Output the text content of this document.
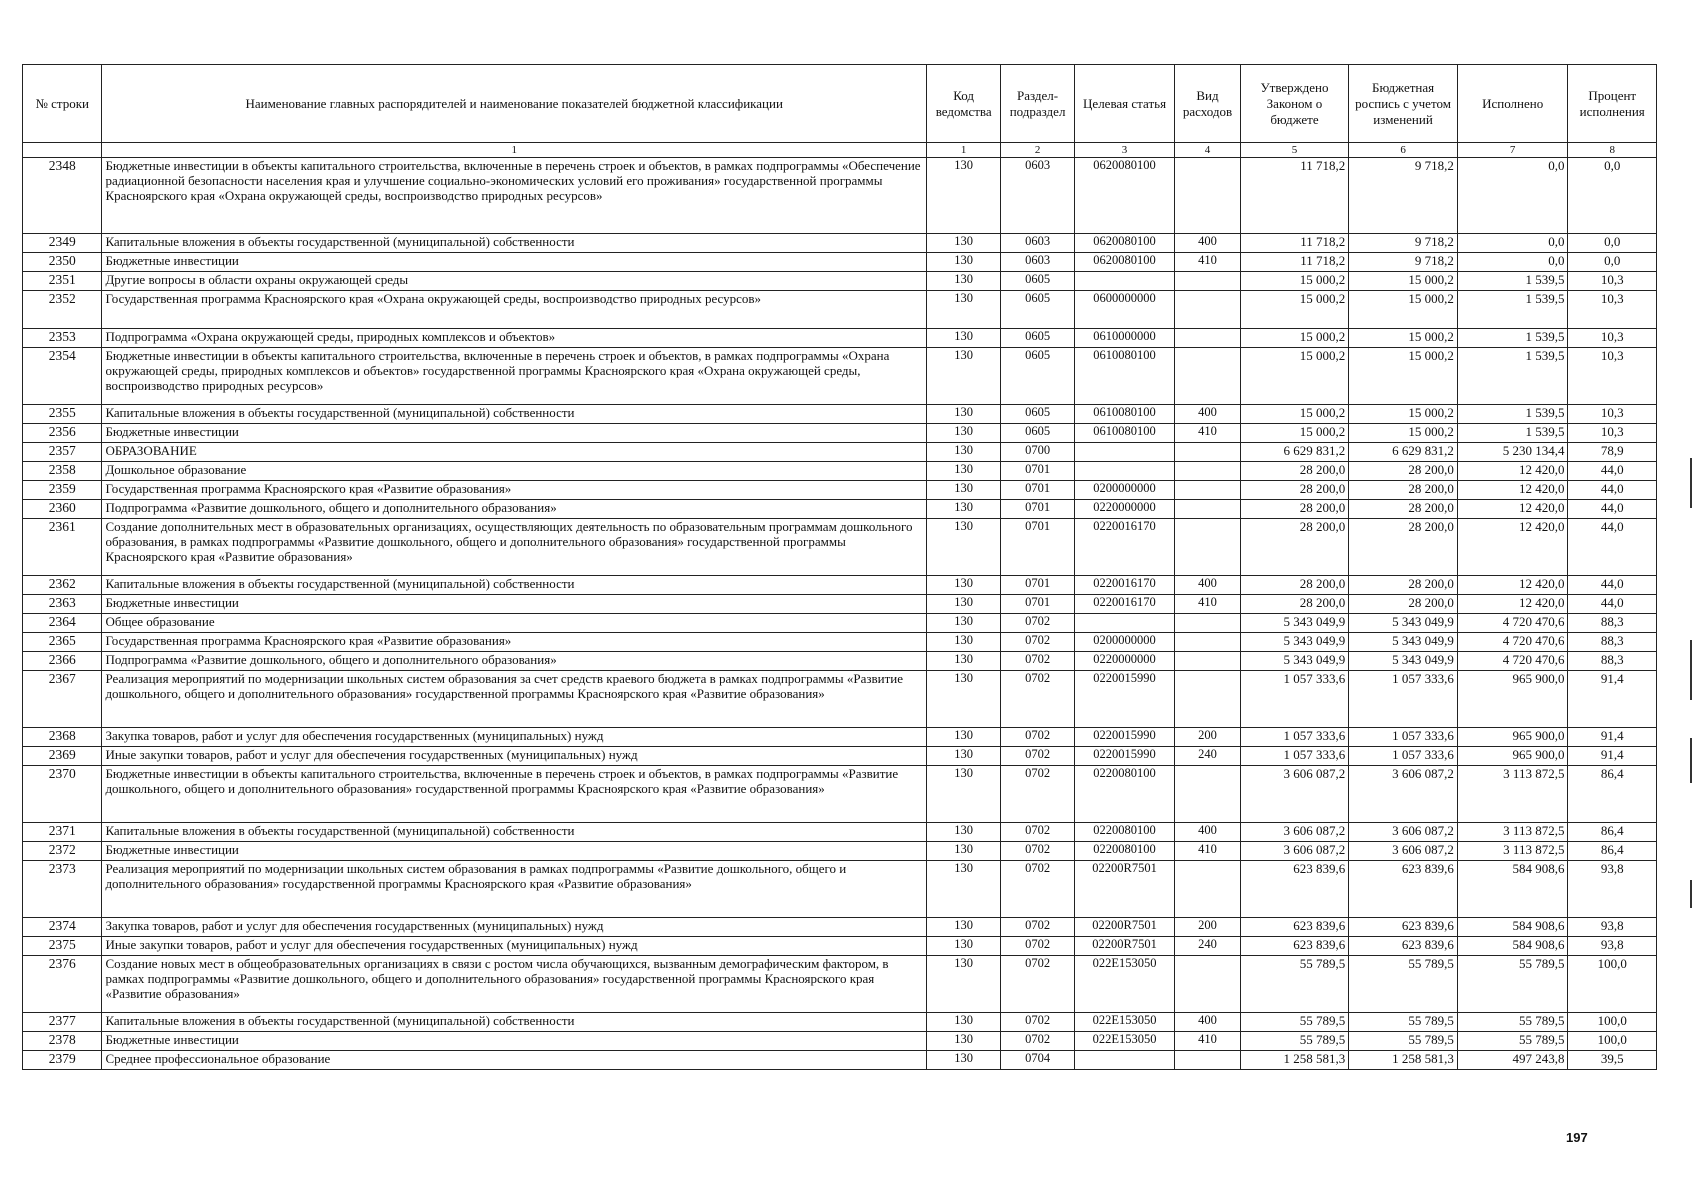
№ строки	Наименование главных распорядителей и наименование показателей бюджетной классификации	Код ведомства	Раздел-подраздел	Целевая статья	Вид расходов	Утверждено Законом о бюджете	Бюджетная роспись с учетом изменений	Исполнено	Процент исполнения
	1	1	2	3	4	5	6	7	8
2348	Бюджетные инвестиции в объекты капитального строительства, включенные в перечень строек и объектов, в рамках подпрограммы «Обеспечение радиационной безопасности населения края и улучшение социально-экономических условий его проживания» государственной программы Красноярского края «Охрана окружающей среды, воспроизводство природных ресурсов»	130	0603	0620080100		11 718,2	9 718,2	0,0	0,0
2349	Капитальные вложения в объекты государственной (муниципальной) собственности	130	0603	0620080100	400	11 718,2	9 718,2	0,0	0,0
2350	Бюджетные инвестиции	130	0603	0620080100	410	11 718,2	9 718,2	0,0	0,0
2351	Другие вопросы в области охраны окружающей среды	130	0605			15 000,2	15 000,2	1 539,5	10,3
2352	Государственная программа Красноярского края «Охрана окружающей среды, воспроизводство природных ресурсов»	130	0605	0600000000		15 000,2	15 000,2	1 539,5	10,3
2353	Подпрограмма «Охрана окружающей среды, природных комплексов и объектов»	130	0605	0610000000		15 000,2	15 000,2	1 539,5	10,3
2354	Бюджетные инвестиции в объекты капитального строительства, включенные в перечень строек и объектов, в рамках подпрограммы «Охрана окружающей среды, природных комплексов и объектов» государственной программы Красноярского края «Охрана окружающей среды, воспроизводство природных ресурсов»	130	0605	0610080100		15 000,2	15 000,2	1 539,5	10,3
2355	Капитальные вложения в объекты государственной (муниципальной) собственности	130	0605	0610080100	400	15 000,2	15 000,2	1 539,5	10,3
2356	Бюджетные инвестиции	130	0605	0610080100	410	15 000,2	15 000,2	1 539,5	10,3
2357	ОБРАЗОВАНИЕ	130	0700			6 629 831,2	6 629 831,2	5 230 134,4	78,9
2358	Дошкольное образование	130	0701			28 200,0	28 200,0	12 420,0	44,0
2359	Государственная программа Красноярского края «Развитие образования»	130	0701	0200000000		28 200,0	28 200,0	12 420,0	44,0
2360	Подпрограмма «Развитие дошкольного, общего и дополнительного образования»	130	0701	0220000000		28 200,0	28 200,0	12 420,0	44,0
2361	Создание дополнительных мест в образовательных организациях, осуществляющих деятельность по образовательным программам дошкольного образования, в рамках подпрограммы «Развитие дошкольного, общего и дополнительного образования» государственной программы Красноярского края «Развитие образования»	130	0701	0220016170		28 200,0	28 200,0	12 420,0	44,0
2362	Капитальные вложения в объекты государственной (муниципальной) собственности	130	0701	0220016170	400	28 200,0	28 200,0	12 420,0	44,0
2363	Бюджетные инвестиции	130	0701	0220016170	410	28 200,0	28 200,0	12 420,0	44,0
2364	Общее образование	130	0702			5 343 049,9	5 343 049,9	4 720 470,6	88,3
2365	Государственная программа Красноярского края «Развитие образования»	130	0702	0200000000		5 343 049,9	5 343 049,9	4 720 470,6	88,3
2366	Подпрограмма «Развитие дошкольного, общего и дополнительного образования»	130	0702	0220000000		5 343 049,9	5 343 049,9	4 720 470,6	88,3
2367	Реализация мероприятий по модернизации школьных систем образования за счет средств краевого бюджета в рамках подпрограммы «Развитие дошкольного, общего и дополнительного образования» государственной программы Красноярского края «Развитие образования»	130	0702	0220015990		1 057 333,6	1 057 333,6	965 900,0	91,4
2368	Закупка товаров, работ и услуг для обеспечения государственных (муниципальных) нужд	130	0702	0220015990	200	1 057 333,6	1 057 333,6	965 900,0	91,4
2369	Иные закупки товаров, работ и услуг для обеспечения государственных (муниципальных) нужд	130	0702	0220015990	240	1 057 333,6	1 057 333,6	965 900,0	91,4
2370	Бюджетные инвестиции в объекты капитального строительства, включенные в перечень строек и объектов, в рамках подпрограммы «Развитие дошкольного, общего и дополнительного образования» государственной программы Красноярского края «Развитие образования»	130	0702	0220080100		3 606 087,2	3 606 087,2	3 113 872,5	86,4
2371	Капитальные вложения в объекты государственной (муниципальной) собственности	130	0702	0220080100	400	3 606 087,2	3 606 087,2	3 113 872,5	86,4
2372	Бюджетные инвестиции	130	0702	0220080100	410	3 606 087,2	3 606 087,2	3 113 872,5	86,4
2373	Реализация мероприятий по модернизации школьных систем образования в рамках подпрограммы «Развитие дошкольного, общего и дополнительного образования» государственной программы Красноярского края «Развитие образования»	130	0702	02200R7501		623 839,6	623 839,6	584 908,6	93,8
2374	Закупка товаров, работ и услуг для обеспечения государственных (муниципальных) нужд	130	0702	02200R7501	200	623 839,6	623 839,6	584 908,6	93,8
2375	Иные закупки товаров, работ и услуг для обеспечения государственных (муниципальных) нужд	130	0702	02200R7501	240	623 839,6	623 839,6	584 908,6	93,8
2376	Создание новых мест в общеобразовательных организациях в связи с ростом числа обучающихся, вызванным демографическим фактором, в рамках подпрограммы «Развитие дошкольного, общего и дополнительного образования» государственной программы Красноярского края «Развитие образования»	130	0702	022E153050		55 789,5	55 789,5	55 789,5	100,0
2377	Капитальные вложения в объекты государственной (муниципальной) собственности	130	0702	022E153050	400	55 789,5	55 789,5	55 789,5	100,0
2378	Бюджетные инвестиции	130	0702	022E153050	410	55 789,5	55 789,5	55 789,5	100,0
2379	Среднее профессиональное образование	130	0704			1 258 581,3	1 258 581,3	497 243,8	39,5
197
